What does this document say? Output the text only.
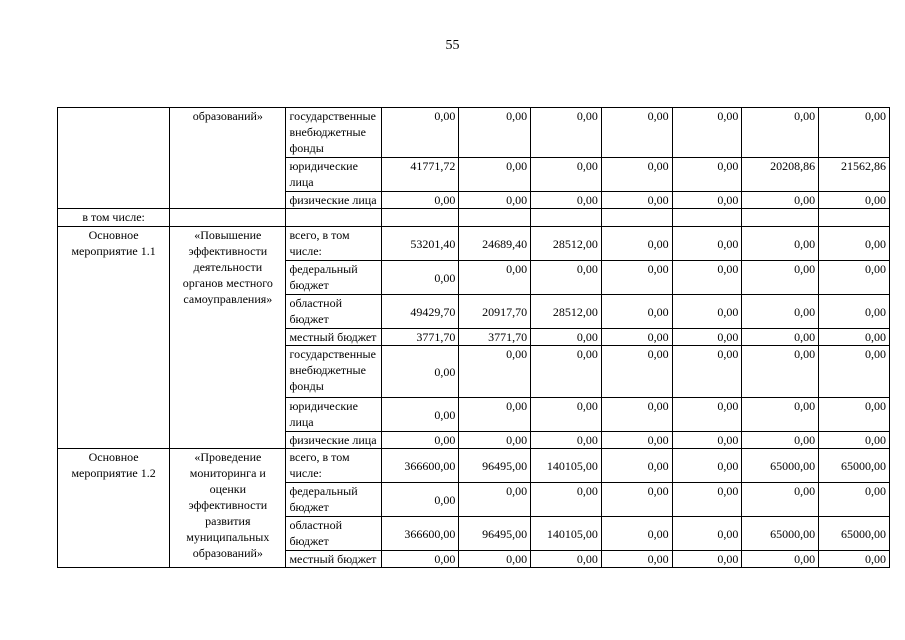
55
	образований»	государственные внебюджетные фонды	0,00	0,00	0,00	0,00	0,00	0,00	0,00
		юридические лица	41771,72	0,00	0,00	0,00	0,00	20208,86	21562,86
		физические лица	0,00	0,00	0,00	0,00	0,00	0,00	0,00
в том числе:									
Основное мероприятие 1.1	«Повышение эффективности деятельности органов местного самоуправления»	всего, в том числе:	53201,40	24689,40	28512,00	0,00	0,00	0,00	0,00
		федеральный бюджет	0,00	0,00	0,00	0,00	0,00	0,00	0,00
		областной бюджет	49429,70	20917,70	28512,00	0,00	0,00	0,00	0,00
		местный бюджет	3771,70	3771,70	0,00	0,00	0,00	0,00	0,00
		государственные внебюджетные фонды	0,00	0,00	0,00	0,00	0,00	0,00	0,00
		юридические лица	0,00	0,00	0,00	0,00	0,00	0,00	0,00
		физические лица	0,00	0,00	0,00	0,00	0,00	0,00	0,00
Основное мероприятие 1.2	«Проведение мониторинга и оценки эффективности развития муниципальных образований»	всего, в том числе:	366600,00	96495,00	140105,00	0,00	0,00	65000,00	65000,00
		федеральный бюджет	0,00	0,00	0,00	0,00	0,00	0,00	0,00
		областной бюджет	366600,00	96495,00	140105,00	0,00	0,00	65000,00	65000,00
		местный бюджет	0,00	0,00	0,00	0,00	0,00	0,00	0,00
